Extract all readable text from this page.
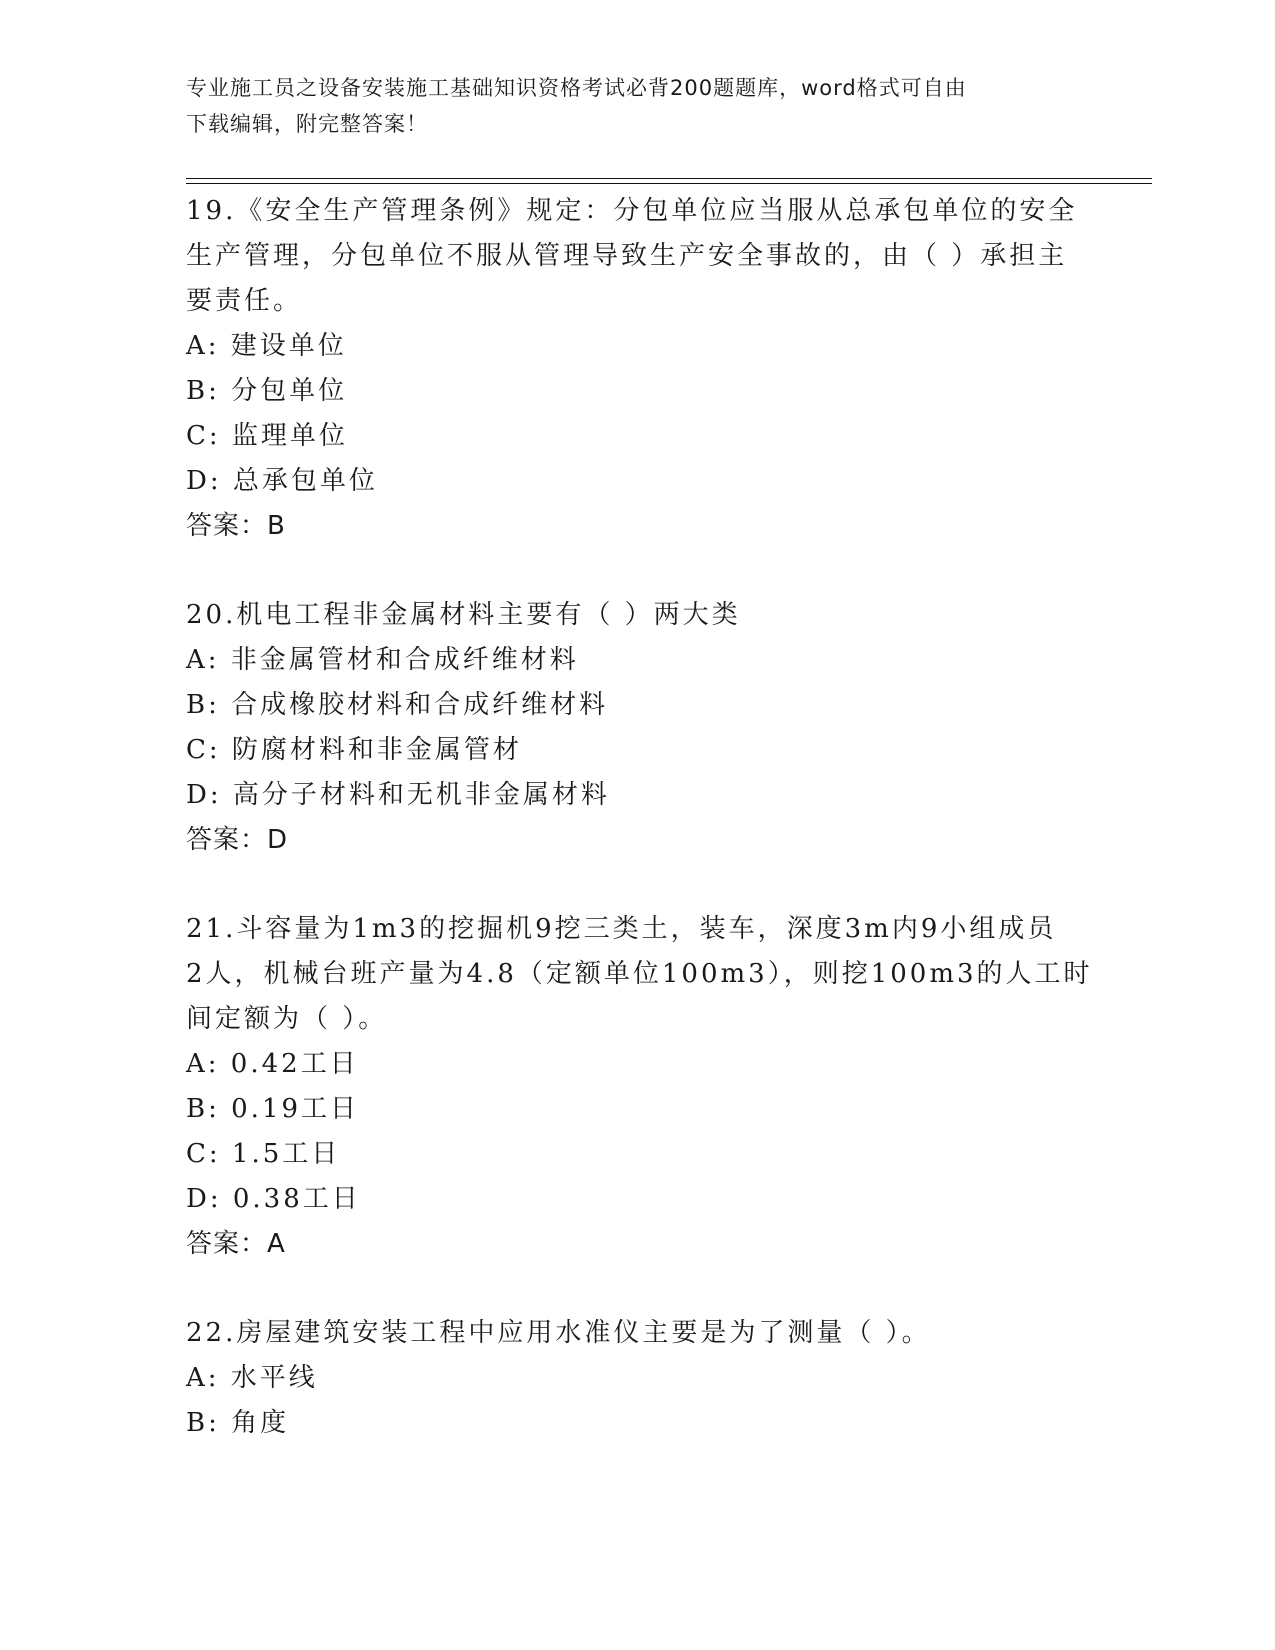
专业施工员之设备安装施工基础知识资格考试必背200题题库，word格式可自由
下载编辑，附完整答案！
19.《安全生产管理条例》规定：分包单位应当服从总承包单位的安全
生产管理，分包单位不服从管理导致生产安全事故的，由（ ）承担主
要责任。
A: 建设单位
B: 分包单位
C: 监理单位
D: 总承包单位
答案：B
20.机电工程非金属材料主要有（ ）两大类
A: 非金属管材和合成纤维材料
B: 合成橡胶材料和合成纤维材料
C: 防腐材料和非金属管材
D: 高分子材料和无机非金属材料
答案：D
21.斗容量为1m3的挖掘机9挖三类土，装车，深度3m内9小组成员
2人，机械台班产量为4.8（定额单位100m3），则挖100m3的人工时
间定额为（ ）。
A: 0.42工日
B: 0.19工日
C: 1.5工日
D: 0.38工日
答案：A
22.房屋建筑安装工程中应用水准仪主要是为了测量（ ）。
A: 水平线
B: 角度
